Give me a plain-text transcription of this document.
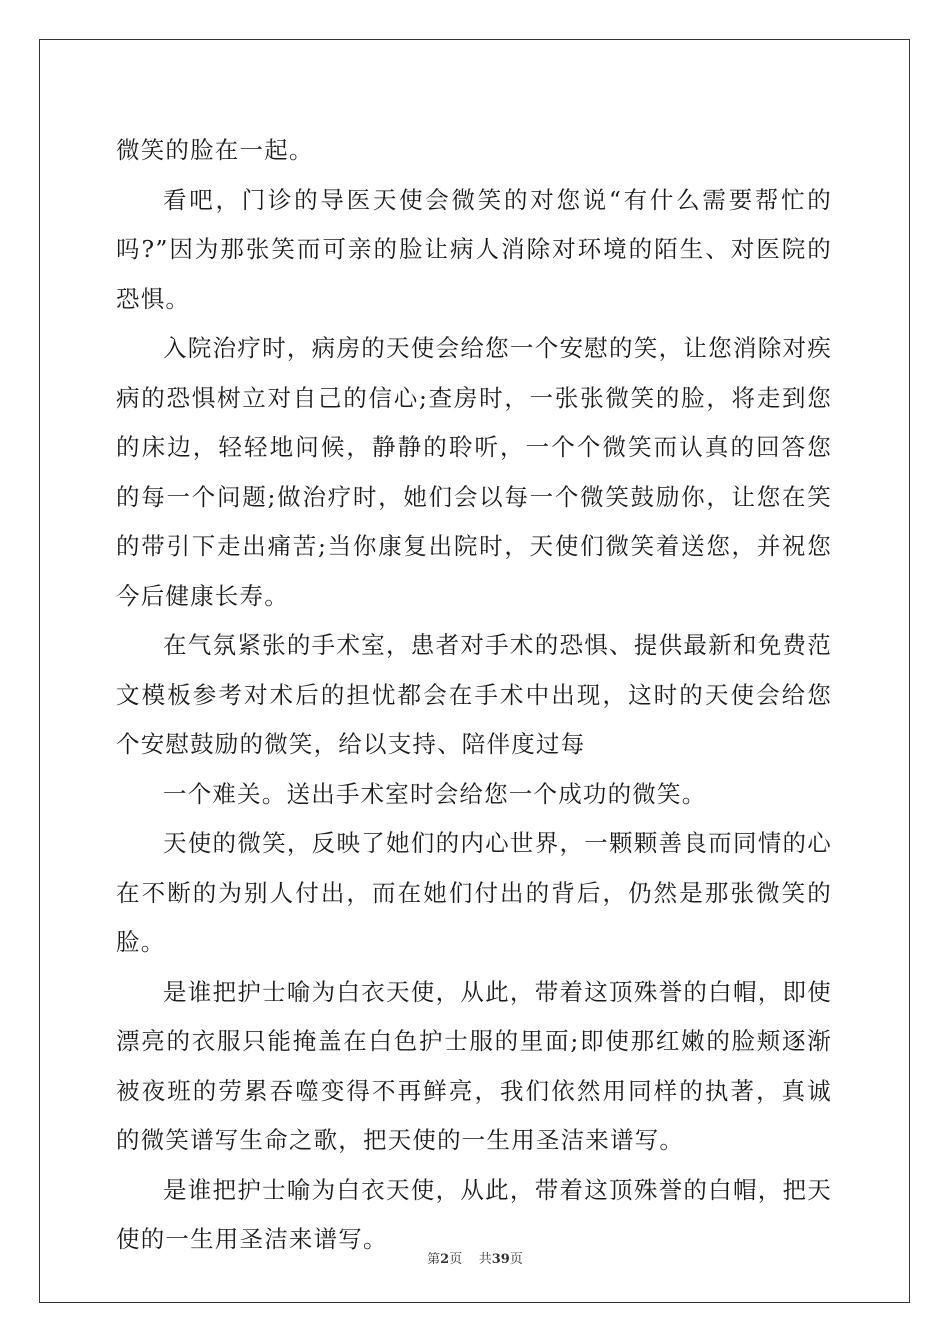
微笑的脸在一起。

看吧，门诊的导医天使会微笑的对您说“有什么需要帮忙的吗?”因为那张笑而可亲的脸让病人消除对环境的陌生、对医院的恐惧。

入院治疗时，病房的天使会给您一个安慰的笑，让您消除对疾病的恐惧树立对自己的信心;查房时，一张张微笑的脸，将走到您的床边，轻轻地问候，静静的聆听，一个个微笑而认真的回答您的每一个问题;做治疗时，她们会以每一个微笑鼓励你，让您在笑的带引下走出痛苦;当你康复出院时，天使们微笑着送您，并祝您今后健康长寿。

在气氛紧张的手术室，患者对手术的恐惧、提供最新和免费范文模板参考对术后的担忧都会在手术中出现，这时的天使会给您个安慰鼓励的微笑，给以支持、陪伴度过每

一个难关。送出手术室时会给您一个成功的微笑。

天使的微笑，反映了她们的内心世界，一颗颗善良而同情的心在不断的为别人付出，而在她们付出的背后，仍然是那张微笑的脸。

是谁把护士喻为白衣天使，从此，带着这顶殊誉的白帽，即使漂亮的衣服只能掩盖在白色护士服的里面;即使那红嫩的脸颊逐渐被夜班的劳累吞噬变得不再鲜亮，我们依然用同样的执著，真诚的微笑谱写生命之歌，把天使的一生用圣洁来谱写。

是谁把护士喻为白衣天使，从此，带着这顶殊誉的白帽，把天使的一生用圣洁来谱写。

第2页 共39页
